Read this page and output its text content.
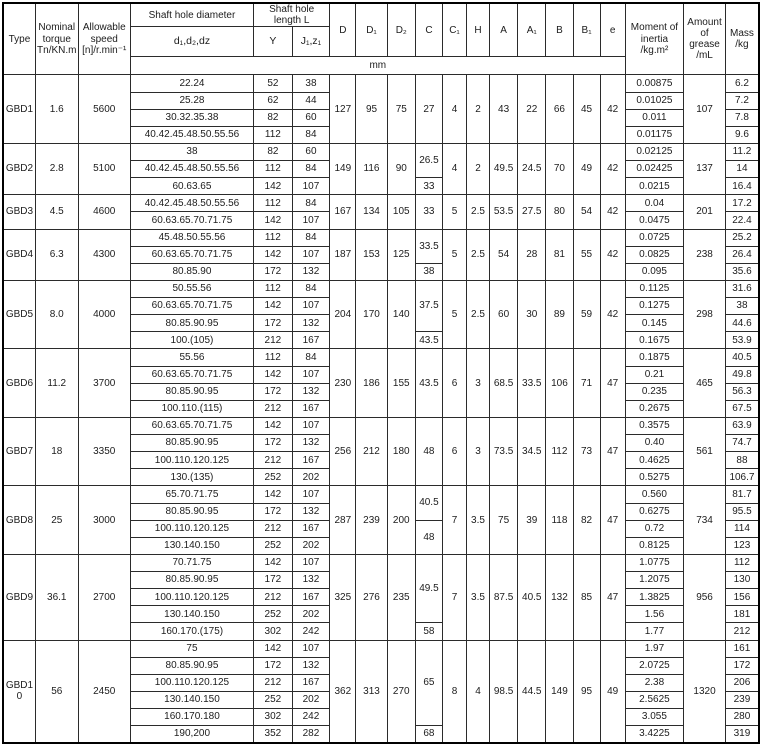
Type	Nominal torque Tn/KN.m	Allowable speed [n]/r.min⁻¹	Shaft hole diameter	Shaft hole length L		D	D₁	D₂	C	C₁	H	A	A₁	B	B₁	e	Moment of inertia /kg.m²	Amount of grease /mL	Mass /kg
			d₁,d₂,dz	Y	J₁,z₁														
			mm																
GBD1	1.6	5600	22.24	52	38	127	95	75	27	4	2	43	22	66	45	42	0.00875	107	6.2
			25.28	62	44												0.01025		7.2
			30.32.35.38	82	60												0.011		7.8
			40.42.45.48.50.55.56	112	84												0.01175		9.6
GBD2	2.8	5100	38	82	60	149	116	90	26.5	4	2	49.5	24.5	70	49	42	0.02125	137	11.2
			40.42.45.48.50.55.56	112	84												0.02425		14
			60.63.65	142	107				33								0.0215		16.4
GBD3	4.5	4600	40.42.45.48.50.55.56	112	84	167	134	105	33	5	2.5	53.5	27.5	80	54	42	0.04	201	17.2
			60.63.65.70.71.75	142	107												0.0475		22.4
GBD4	6.3	4300	45.48.50.55.56	112	84	187	153	125	33.5	5	2.5	54	28	81	55	42	0.0725	238	25.2
			60.63.65.70.71.75	142	107												0.0825		26.4
			80.85.90	172	132				38								0.095		35.6
GBD5	8.0	4000	50.55.56	112	84	204	170	140	37.5	5	2.5	60	30	89	59	42	0.1125	298	31.6
			60.63.65.70.71.75	142	107												0.1275		38
			80.85.90.95	172	132												0.145		44.6
			100.(105)	212	167				43.5								0.1675		53.9
GBD6	11.2	3700	55.56	112	84	230	186	155	43.5	6	3	68.5	33.5	106	71	47	0.1875	465	40.5
			60.63.65.70.71.75	142	107												0.21		49.8
			80.85.90.95	172	132												0.235		56.3
			100.110.(115)	212	167												0.2675		67.5
GBD7	18	3350	60.63.65.70.71.75	142	107	256	212	180	48	6	3	73.5	34.5	112	73	47	0.3575	561	63.9
			80.85.90.95	172	132												0.40		74.7
			100.110.120.125	212	167												0.4625		88
			130.(135)	252	202												0.5275		106.7
GBD8	25	3000	65.70.71.75	142	107	287	239	200	40.5	7	3.5	75	39	118	82	47	0.560	734	81.7
			80.85.90.95	172	132												0.6275		95.5
			100.110.120.125	212	167				48								0.72		114
			130.140.150	252	202												0.8125		123
GBD9	36.1	2700	70.71.75	142	107	325	276	235	49.5	7	3.5	87.5	40.5	132	85	47	1.0775	956	112
			80.85.90.95	172	132												1.2075		130
			100.110.120.125	212	167												1.3825		156
			130.140.150	252	202												1.56		181
			160.170.(175)	302	242				58								1.77		212
GBD10	56	2450	75	142	107	362	313	270	65	8	4	98.5	44.5	149	95	49	1.97	1320	161
			80.85.90.95	172	132												2.0725		172
			100.110.120.125	212	167												2.38		206
			130.140.150	252	202												2.5625		239
			160.170.180	302	242												3.055		280
			190,200	352	282				68								3.4225		319
